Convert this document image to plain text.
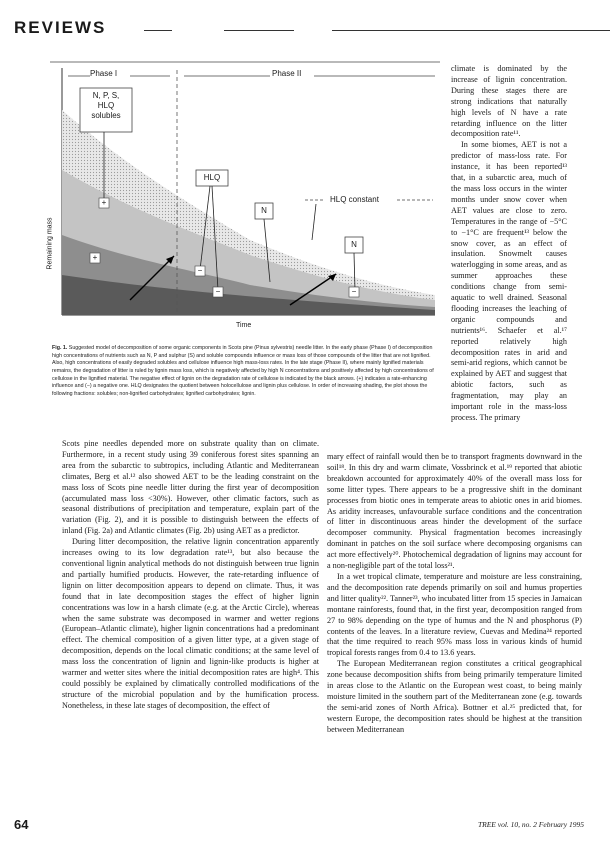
REVIEWS
Phase I	Phase II
N, P, S,
HLQ
solubles
HLQ
N
N
HLQ constant
+
+
−
−	−
Remaining mass
Time
Fig. 1. Suggested model of decomposition of some organic components in Scots pine (Pinus sylvestris) needle litter. In the early phase (Phase I) of decomposition high concentrations of nutrients such as N, P and sulphur (S) and soluble compounds influence or mass loss of those compounds of the litter that are not lignified. Also, high concentrations of easily degraded solubles and cellulose influence high mass-loss rates. In the late stage (Phase II), where mainly lignified materials remains, the degradation of litter is ruled by lignin mass loss, which is negatively affected by high N concentrations and positively affected by high concentrations of cellulose in the lignified material. The negative effect of lignin on the degradation rate of cellulose is indicated by the black arrows. (+) indicates a rate-enhancing influence and (−) a negative one. HLQ designates the quotient between holocellulose and lignin plus cellulose. In order of increasing shading, the plot shows the following fractions: solubles; non-lignified carbohydrates; lignified carbohydrates; lignin.

climate is dominated by the increase of lignin concentration. During these stages there are strong indications that naturally high levels of N have a rate retarding influence on the litter decomposition rate¹¹.

In some biomes, AET is not a predictor of mass-loss rate. For instance, it has been reported¹³ that, in a subarctic area, much of the mass loss occurs in the winter months under snow cover when AET values are close to zero. Temperatures in the range of −5°C to −1°C are frequent¹³ below the snow cover, as an effect of insulation. Snowmelt causes waterlogging in some areas, and as summer approaches these conditions change from semi-aquatic to well drained. Seasonal flooding increases the leaching of organic compounds and nutrients¹⁶. Schaefer et al.¹⁷ reported relatively high decomposition rates in arid and semi-arid regions, which cannot be explained by AET and suggest that abiotic factors, such as fragmentation, may play an important role in the mass-loss process. The primary

Scots pine needles depended more on substrate quality than on climate. Furthermore, in a recent study using 39 coniferous forest sites spanning an area from the subarctic to subtropics, including Atlantic and Mediterranean climates, Berg et al.¹² also showed AET to be the leading constraint on the mass loss of Scots pine needle litter during the first year of decomposition (accumulated mass loss <30%). However, other climatic factors, such as seasonal distributions of precipitation and temperature, explain part of the variation (Fig. 2), and it is possible to distinguish between the effects of inland (Fig. 2a) and Atlantic climates (Fig. 2b) using AET as a predictor.

During litter decomposition, the relative lignin concentration apparently increases owing to its low degradation rate¹³, but also because the conventional lignin analytical methods do not distinguish between true lignin and partially humified products. However, the rate-retarding influence of lignin on litter decomposition appears to depend on climate. Thus, it was found that in late decomposition stages the effect of higher lignin concentrations was low in a harsh climate (e.g. at the Arctic Circle), whereas when the same substrate was decomposed in warmer and wetter regions (European–Atlantic climate), higher lignin concentrations had a predominant effect. The chemical composition of a given litter type, at a given stage of decomposition, depends on the local climatic conditions; at the same level of mass loss the concentration of lignin and lignin-like products is higher at warmer and wetter sites where the initial decomposition rates are high⁴. This could possibly be explained by climatically controlled modifications of the structure of the microbial population and by the humification process. Nonetheless, in these late stages of decomposition, the effect of

mary effect of rainfall would then be to transport fragments downward in the soil¹⁸. In this dry and warm climate, Vossbrinck et al.¹⁹ reported that abiotic breakdown accounted for approximately 40% of the overall mass loss for some litter types. There appears to be a progressive shift in the dominant processes from biotic ones in temperate areas to abiotic ones in arid biomes. As aridity increases, unfavourable surface conditions and the concentration of litter in discontinuous areas hinder the development of the surface decomposer community. Physical fragmentation becomes increasingly dominant in patches on the soil surface where decomposing organisms can act more effectively²⁰. Photochemical degradation of lignins may account for a non-negligible part of the total loss²¹.

In a wet tropical climate, temperature and moisture are less constraining, and the decomposition rate depends primarily on soil and humus properties and litter quality²². Tanner²³, who incubated litter from 15 species in Jamaican montane rainforests, found that, in the first year, decomposition ranged from 27 to 98% depending on the type of humus and the N and phosphorus (P) contents of the leaves. In a literature review, Cuevas and Medina²⁴ reported that the time required to reach 95% mass loss in various kinds of humid tropical forests ranges from 0.4 to 13.6 years.

The European Mediterranean region constitutes a critical geographical zone because decomposition shifts from being primarily temperature limited in areas close to the Atlantic on the European west coast, to being mainly moisture limited in the southern part of the Mediterranean zone (e.g. towards the semi-arid zones of North Africa). Bottner et al.²⁵ predicted that, for western Europe, the decomposition rates should be highest at the transition between Mediterranean

64	TREE vol. 10, no. 2 February 1995
